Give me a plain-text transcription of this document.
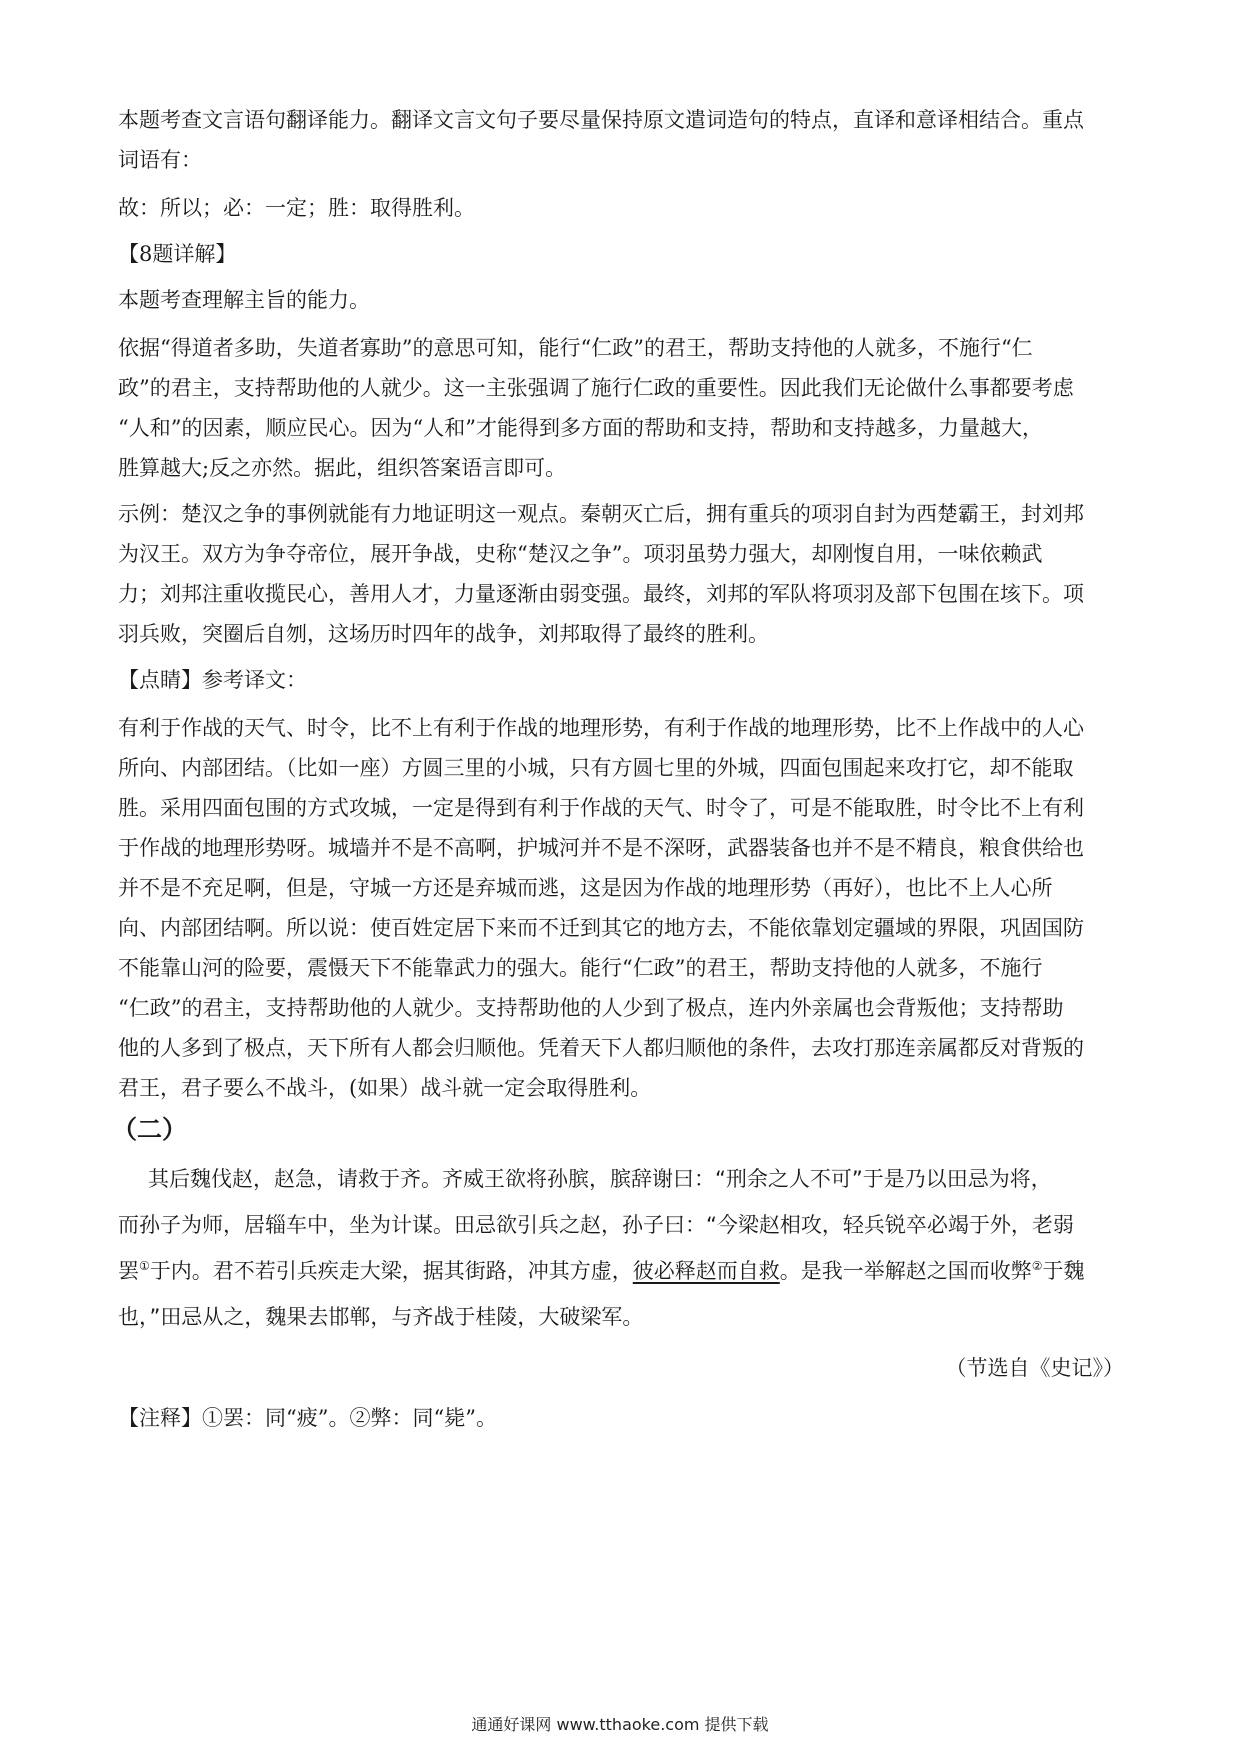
本题考查文言语句翻译能力。翻译文言文句子要尽量保持原文遣词造句的特点，直译和意译相结合。重点
词语有：
故：所以；必：一定；胜：取得胜利。
【8题详解】
本题考查理解主旨的能力。
依据“得道者多助，失道者寡助”的意思可知，能行“仁政”的君王，帮助支持他的人就多，不施行“仁
政”的君主，支持帮助他的人就少。这一主张强调了施行仁政的重要性。因此我们无论做什么事都要考虑
“人和”的因素，顺应民心。因为“人和”才能得到多方面的帮助和支持，帮助和支持越多，力量越大，
胜算越大;反之亦然。据此，组织答案语言即可。
示例：楚汉之争的事例就能有力地证明这一观点。秦朝灭亡后，拥有重兵的项羽自封为西楚霸王，封刘邦
为汉王。双方为争夺帝位，展开争战，史称“楚汉之争”。项羽虽势力强大，却刚愎自用，一味依赖武
力；刘邦注重收揽民心，善用人才，力量逐渐由弱变强。最终，刘邦的军队将项羽及部下包围在垓下。项
羽兵败，突圈后自刎，这场历时四年的战争，刘邦取得了最终的胜利。
【点睛】参考译文：
有利于作战的天气、时令，比不上有利于作战的地理形势，有利于作战的地理形势，比不上作战中的人心
所向、内部团结。（比如一座）方圆三里的小城，只有方圆七里的外城，四面包围起来攻打它，却不能取
胜。采用四面包围的方式攻城，一定是得到有利于作战的天气、时令了，可是不能取胜，时令比不上有利
于作战的地理形势呀。城墙并不是不高啊，护城河并不是不深呀，武器装备也并不是不精良，粮食供给也
并不是不充足啊，但是，守城一方还是弃城而逃，这是因为作战的地理形势（再好），也比不上人心所
向、内部团结啊。所以说：使百姓定居下来而不迁到其它的地方去，不能依靠划定疆域的界限，巩固国防
不能靠山河的险要，震慑天下不能靠武力的强大。能行“仁政”的君王，帮助支持他的人就多，不施行
“仁政”的君主，支持帮助他的人就少。支持帮助他的人少到了极点，连内外亲属也会背叛他；支持帮助
他的人多到了极点，天下所有人都会归顺他。凭着天下人都归顺他的条件，去攻打那连亲属都反对背叛的
君王，君子要么不战斗，(如果）战斗就一定会取得胜利。
（二）
其后魏伐赵，赵急，请救于齐。齐威王欲将孙膑，膑辞谢曰：“刑余之人不可”于是乃以田忌为将，
而孙子为师，居辎车中，坐为计谋。田忌欲引兵之赵，孙子曰：“今梁赵相攻，轻兵锐卒必竭于外，老弱
罢①于内。君不若引兵疾走大梁，据其街路，冲其方虚，彼必释赵而自救。是我一举解赵之国而收弊②于魏
也，”田忌从之，魏果去邯郸，与齐战于桂陵，大破梁军。
（节选自《史记》）
【注释】①罢：同“疲”。②弊：同“毙”。
通通好课网 www.tthaoke.com 提供下载
